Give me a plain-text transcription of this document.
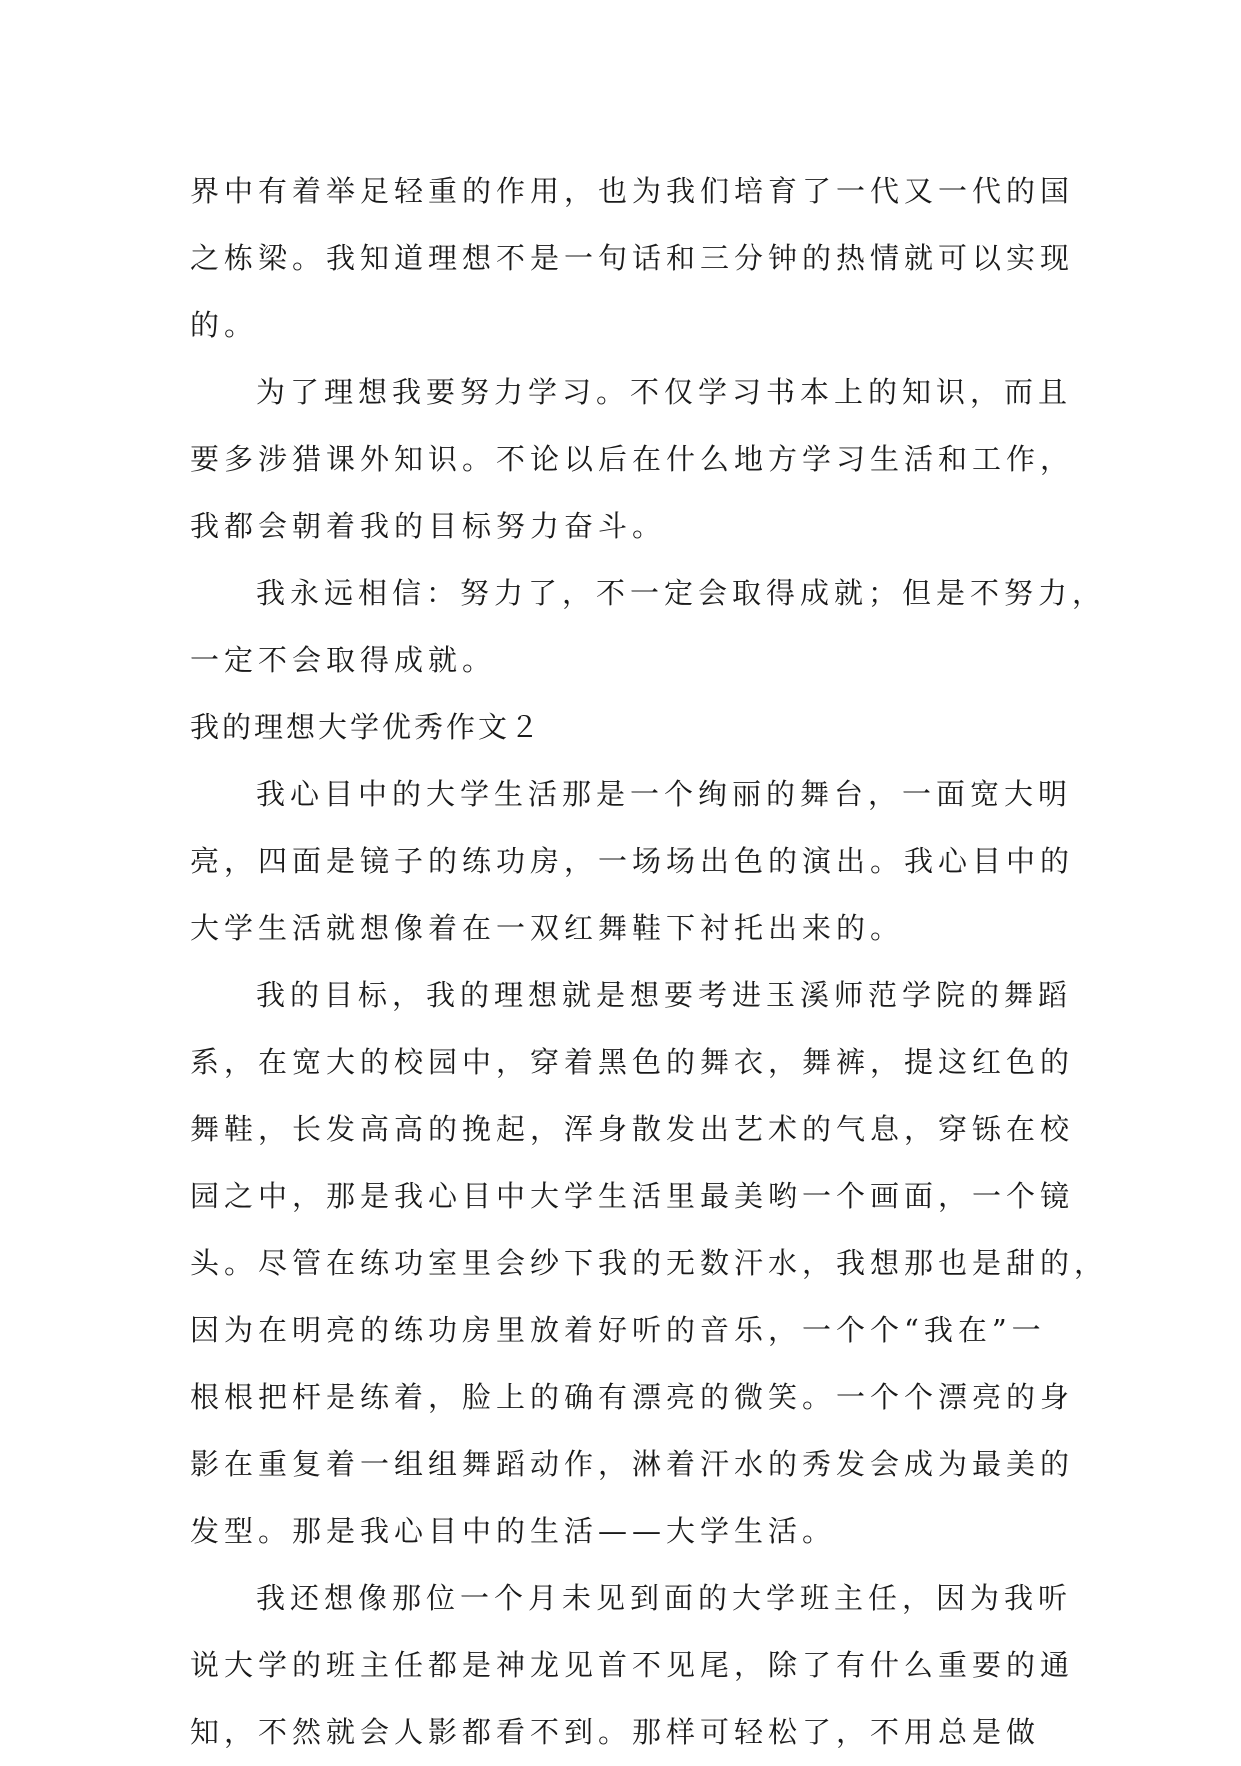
界中有着举足轻重的作用，也为我们培育了一代又一代的国
之栋梁。我知道理想不是一句话和三分钟的热情就可以实现
的。
为了理想我要努力学习。不仅学习书本上的知识，而且
要多涉猎课外知识。不论以后在什么地方学习生活和工作，
我都会朝着我的目标努力奋斗。
我永远相信：努力了，不一定会取得成就；但是不努力，
一定不会取得成就。
我的理想大学优秀作文２
我心目中的大学生活那是一个绚丽的舞台，一面宽大明
亮，四面是镜子的练功房，一场场出色的演出。我心目中的
大学生活就想像着在一双红舞鞋下衬托出来的。
我的目标，我的理想就是想要考进玉溪师范学院的舞蹈
系，在宽大的校园中，穿着黑色的舞衣，舞裤，提这红色的
舞鞋，长发高高的挽起，浑身散发出艺术的气息，穿铄在校
园之中，那是我心目中大学生活里最美哟一个画面，一个镜
头。尽管在练功室里会纱下我的无数汗水，我想那也是甜的，
因为在明亮的练功房里放着好听的音乐，一个个“我在”一
根根把杆是练着，脸上的确有漂亮的微笑。一个个漂亮的身
影在重复着一组组舞蹈动作，淋着汗水的秀发会成为最美的
发型。那是我心目中的生活——大学生活。
我还想像那位一个月未见到面的大学班主任，因为我听
说大学的班主任都是神龙见首不见尾，除了有什么重要的通
知，不然就会人影都看不到。那样可轻松了，不用总是做
